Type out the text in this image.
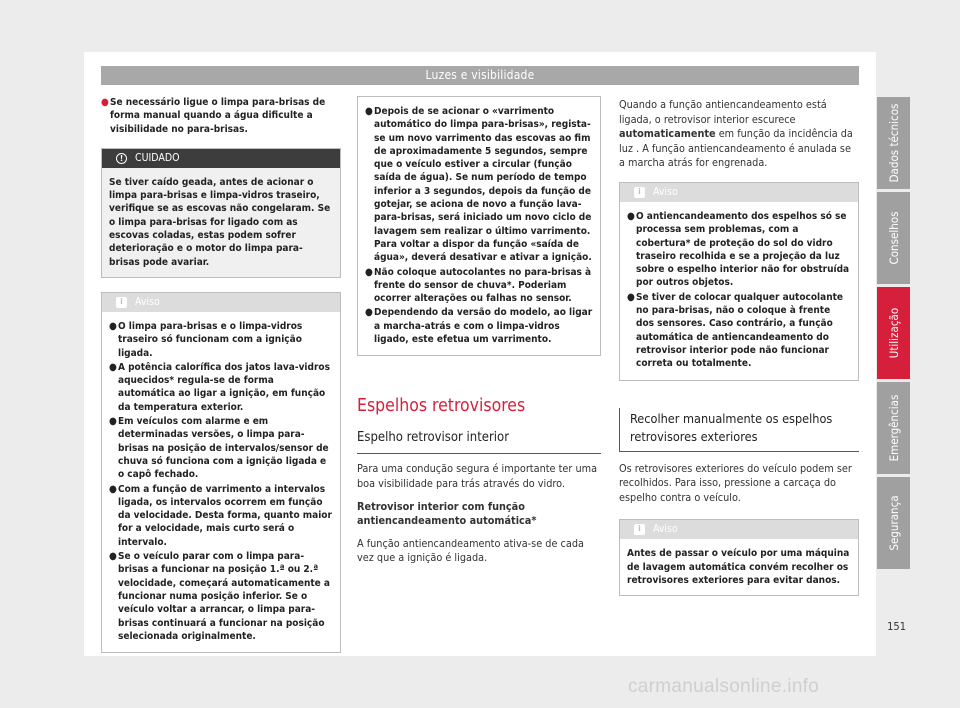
Luzes e visibilidade
● Se necessário ligue o limpa para-brisas de forma manual quando a água dificulte a visibilidade no para-brisas.
!	CUIDADO
Se tiver caído geada, antes de acionar o limpa para-brisas e limpa-vidros traseiro, verifique se as escovas não congelaram. Se o limpa para-brisas for ligado com as escovas coladas, estas podem sofrer deterioração e o motor do limpa para-brisas pode avariar.
i	Aviso
● O limpa para-brisas e o limpa-vidros traseiro só funcionam com a ignição ligada.
● A potência calorífica dos jatos lava-vidros aquecidos* regula-se de forma automática ao ligar a ignição, em função da temperatura exterior.
● Em veículos com alarme e em determinadas versões, o limpa para-brisas na posição de intervalos/sensor de chuva só funciona com a ignição ligada e o capô fechado.
● Com a função de varrimento a intervalos ligada, os intervalos ocorrem em função da velocidade. Desta forma, quanto maior for a velocidade, mais curto será o intervalo.
● Se o veículo parar com o limpa para-brisas a funcionar na posição 1.ª ou 2.ª velocidade, começará automaticamente a funcionar numa posição inferior. Se o veículo voltar a arrancar, o limpa para-brisas continuará a funcionar na posição selecionada originalmente.
● Depois de se acionar o «varrimento automático do limpa para-brisas», regista-se um novo varrimento das escovas ao fim de aproximadamente 5 segundos, sempre que o veículo estiver a circular (função saída de água). Se num período de tempo inferior a 3 segundos, depois da função de gotejar, se aciona de novo a função lava-para-brisas, será iniciado um novo ciclo de lavagem sem realizar o último varrimento. Para voltar a dispor da função «saída de água», deverá desativar e ativar a ignição.
● Não coloque autocolantes no para-brisas à frente do sensor de chuva*. Poderiam ocorrer alterações ou falhas no sensor.
● Dependendo da versão do modelo, ao ligar a marcha-atrás e com o limpa-vidros ligado, este efetua um varrimento.
Espelhos retrovisores
Espelho retrovisor interior
Para uma condução segura é importante ter uma boa visibilidade para trás através do vidro.
Retrovisor interior com função antiencandeamento automática*
A função antiencandeamento ativa-se de cada vez que a ignição é ligada.
Quando a função antiencandeamento está ligada, o retrovisor interior escurece automaticamente em função da incidência da luz . A função antiencandeamento é anulada se a marcha atrás for engrenada.
i	Aviso
● O antiencandeamento dos espelhos só se processa sem problemas, com a cobertura* de proteção do sol do vidro traseiro recolhida e se a projeção da luz sobre o espelho interior não for obstruída por outros objetos.
● Se tiver de colocar qualquer autocolante no para-brisas, não o coloque à frente dos sensores. Caso contrário, a função automática de antiencandeamento do retrovisor interior pode não funcionar correta ou totalmente.
Recolher manualmente os espelhos retrovisores exteriores
Os retrovisores exteriores do veículo podem ser recolhidos. Para isso, pressione a carcaça do espelho contra o veículo.
i	Aviso
Antes de passar o veículo por uma máquina de lavagem automática convém recolher os retrovisores exteriores para evitar danos.
Dados técnicos
Conselhos
Utilização
Emergências
Segurança
151
carmanualsonline.info
